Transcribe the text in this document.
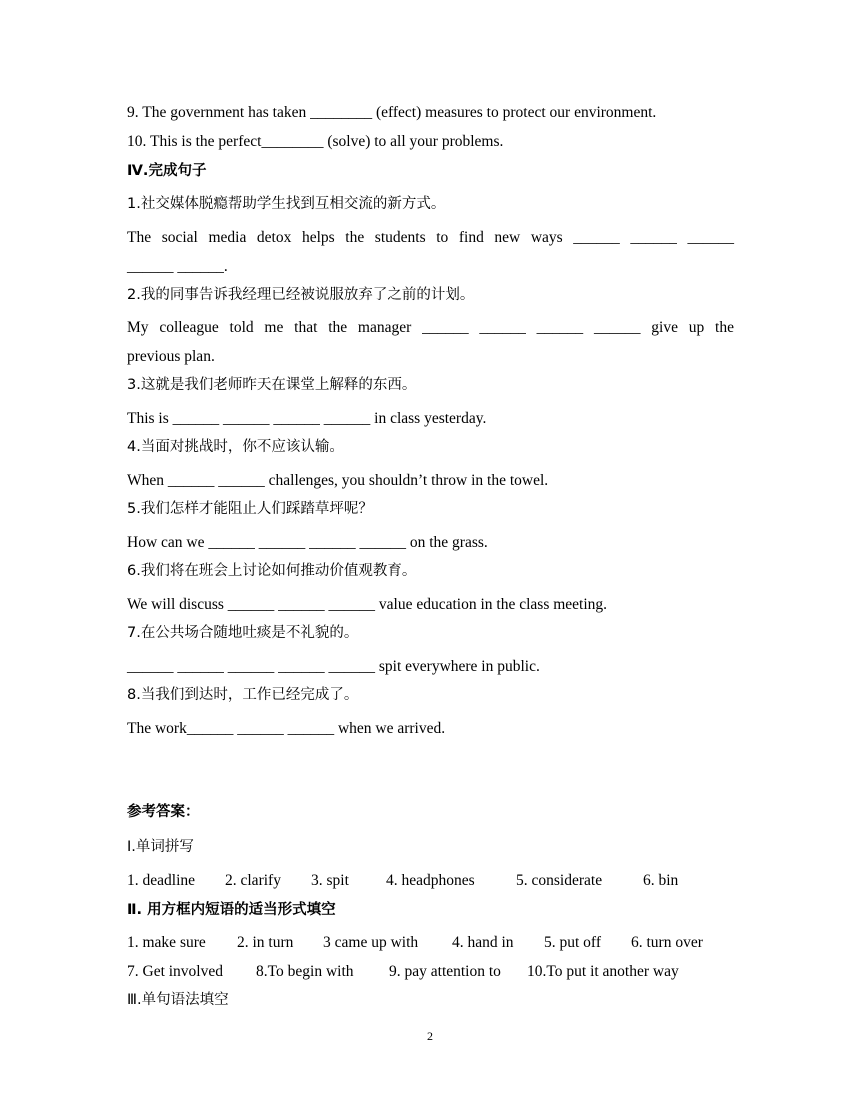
9. The government has taken ________ (effect) measures to protect our environment.
10. This is the perfect________ (solve) to all your problems.
Ⅳ.完成句子
1.社交媒体脱瘾帮助学生找到互相交流的新方式。
The social media detox helps the students to find new ways ______ ______ ______
______ ______.
2.我的同事告诉我经理已经被说服放弃了之前的计划。
My colleague told me that the manager ______ ______ ______ ______ give up the
previous plan.
3.这就是我们老师昨天在课堂上解释的东西。
This is ______ ______ ______ ______ in class yesterday.
4.当面对挑战时，你不应该认输。
When ______ ______ challenges, you shouldn’t throw in the towel.
5.我们怎样才能阻止人们踩踏草坪呢？
How can we ______ ______ ______ ______ on the grass.
6.我们将在班会上讨论如何推动价值观教育。
We will discuss ______ ______ ______ value education in the class meeting.
7.在公共场合随地吐痰是不礼貌的。
______ ______ ______ ______ ______ spit everywhere in public.
8.当我们到达时，工作已经完成了。
The work______ ______ ______ when we arrived.
参考答案：
Ⅰ.单词拼写
1. deadline	2. clarify	3. spit	4. headphones	5. considerate	6. bin
Ⅱ. 用方框内短语的适当形式填空
1. make sure	2. in turn	3 came up with	4. hand in	5. put off	6. turn over
7. Get involved	8.To begin with	9. pay attention to	10.To put it another way
Ⅲ.单句语法填空
2
